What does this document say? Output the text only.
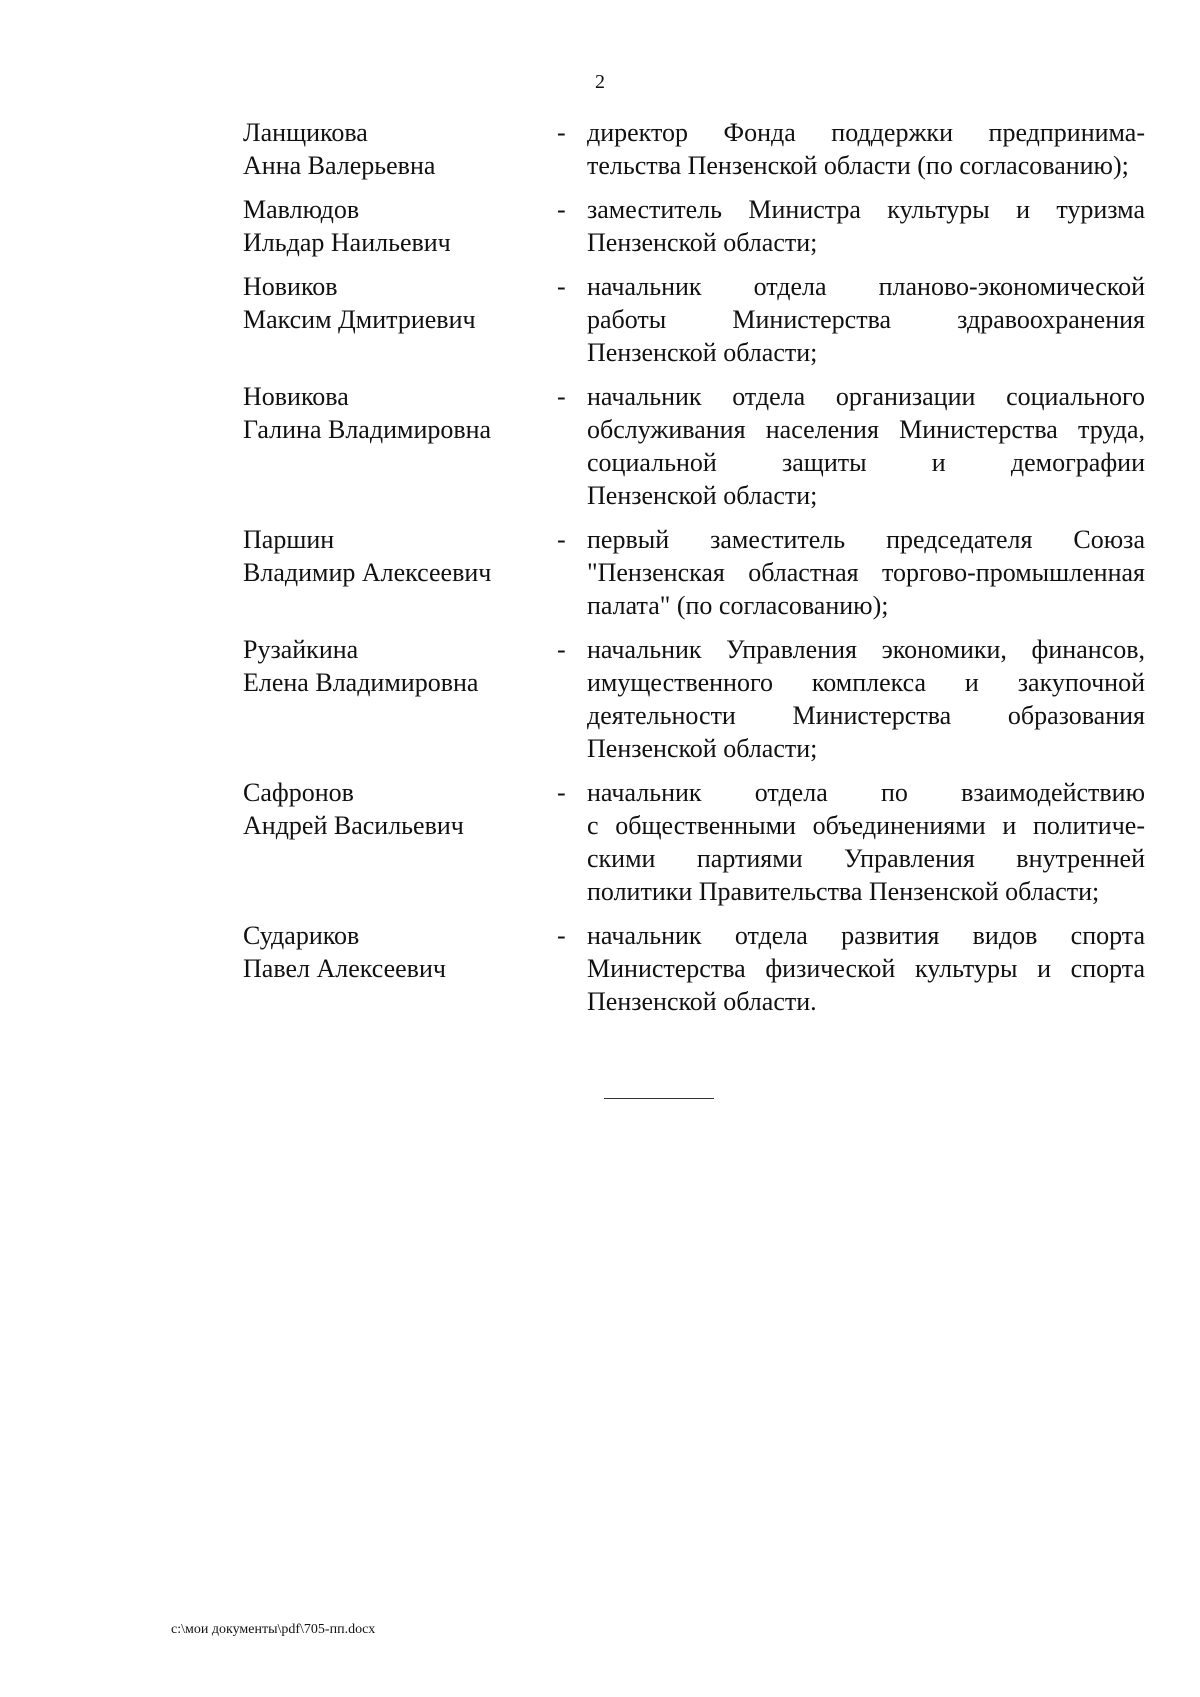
2
Ланщикова
Анна Валерьевна
- директор Фонда поддержки предпринима-
тельства Пензенской области (по согласованию);
Мавлюдов
Ильдар Наильевич
- заместитель Министра культуры и туризма
Пензенской области;
Новиков
Максим Дмитриевич
- начальник отдела планово-экономической
работы Министерства здравоохранения
Пензенской области;
Новикова
Галина Владимировна
- начальник отдела организации социального
обслуживания населения Министерства труда,
социальной защиты и демографии
Пензенской области;
Паршин
Владимир Алексеевич
- первый заместитель председателя Союза
"Пензенская областная торгово-промышленная
палата" (по согласованию);
Рузайкина
Елена Владимировна
- начальник Управления экономики, финансов,
имущественного комплекса и закупочной
деятельности Министерства образования
Пензенской области;
Сафронов
Андрей Васильевич
- начальник отдела по взаимодействию
с общественными объединениями и политиче-
скими партиями Управления внутренней
политики Правительства Пензенской области;
Судариков
Павел Алексеевич
- начальник отдела развития видов спорта
Министерства физической культуры и спорта
Пензенской области.
c:\мои документы\pdf\705-пп.docx
